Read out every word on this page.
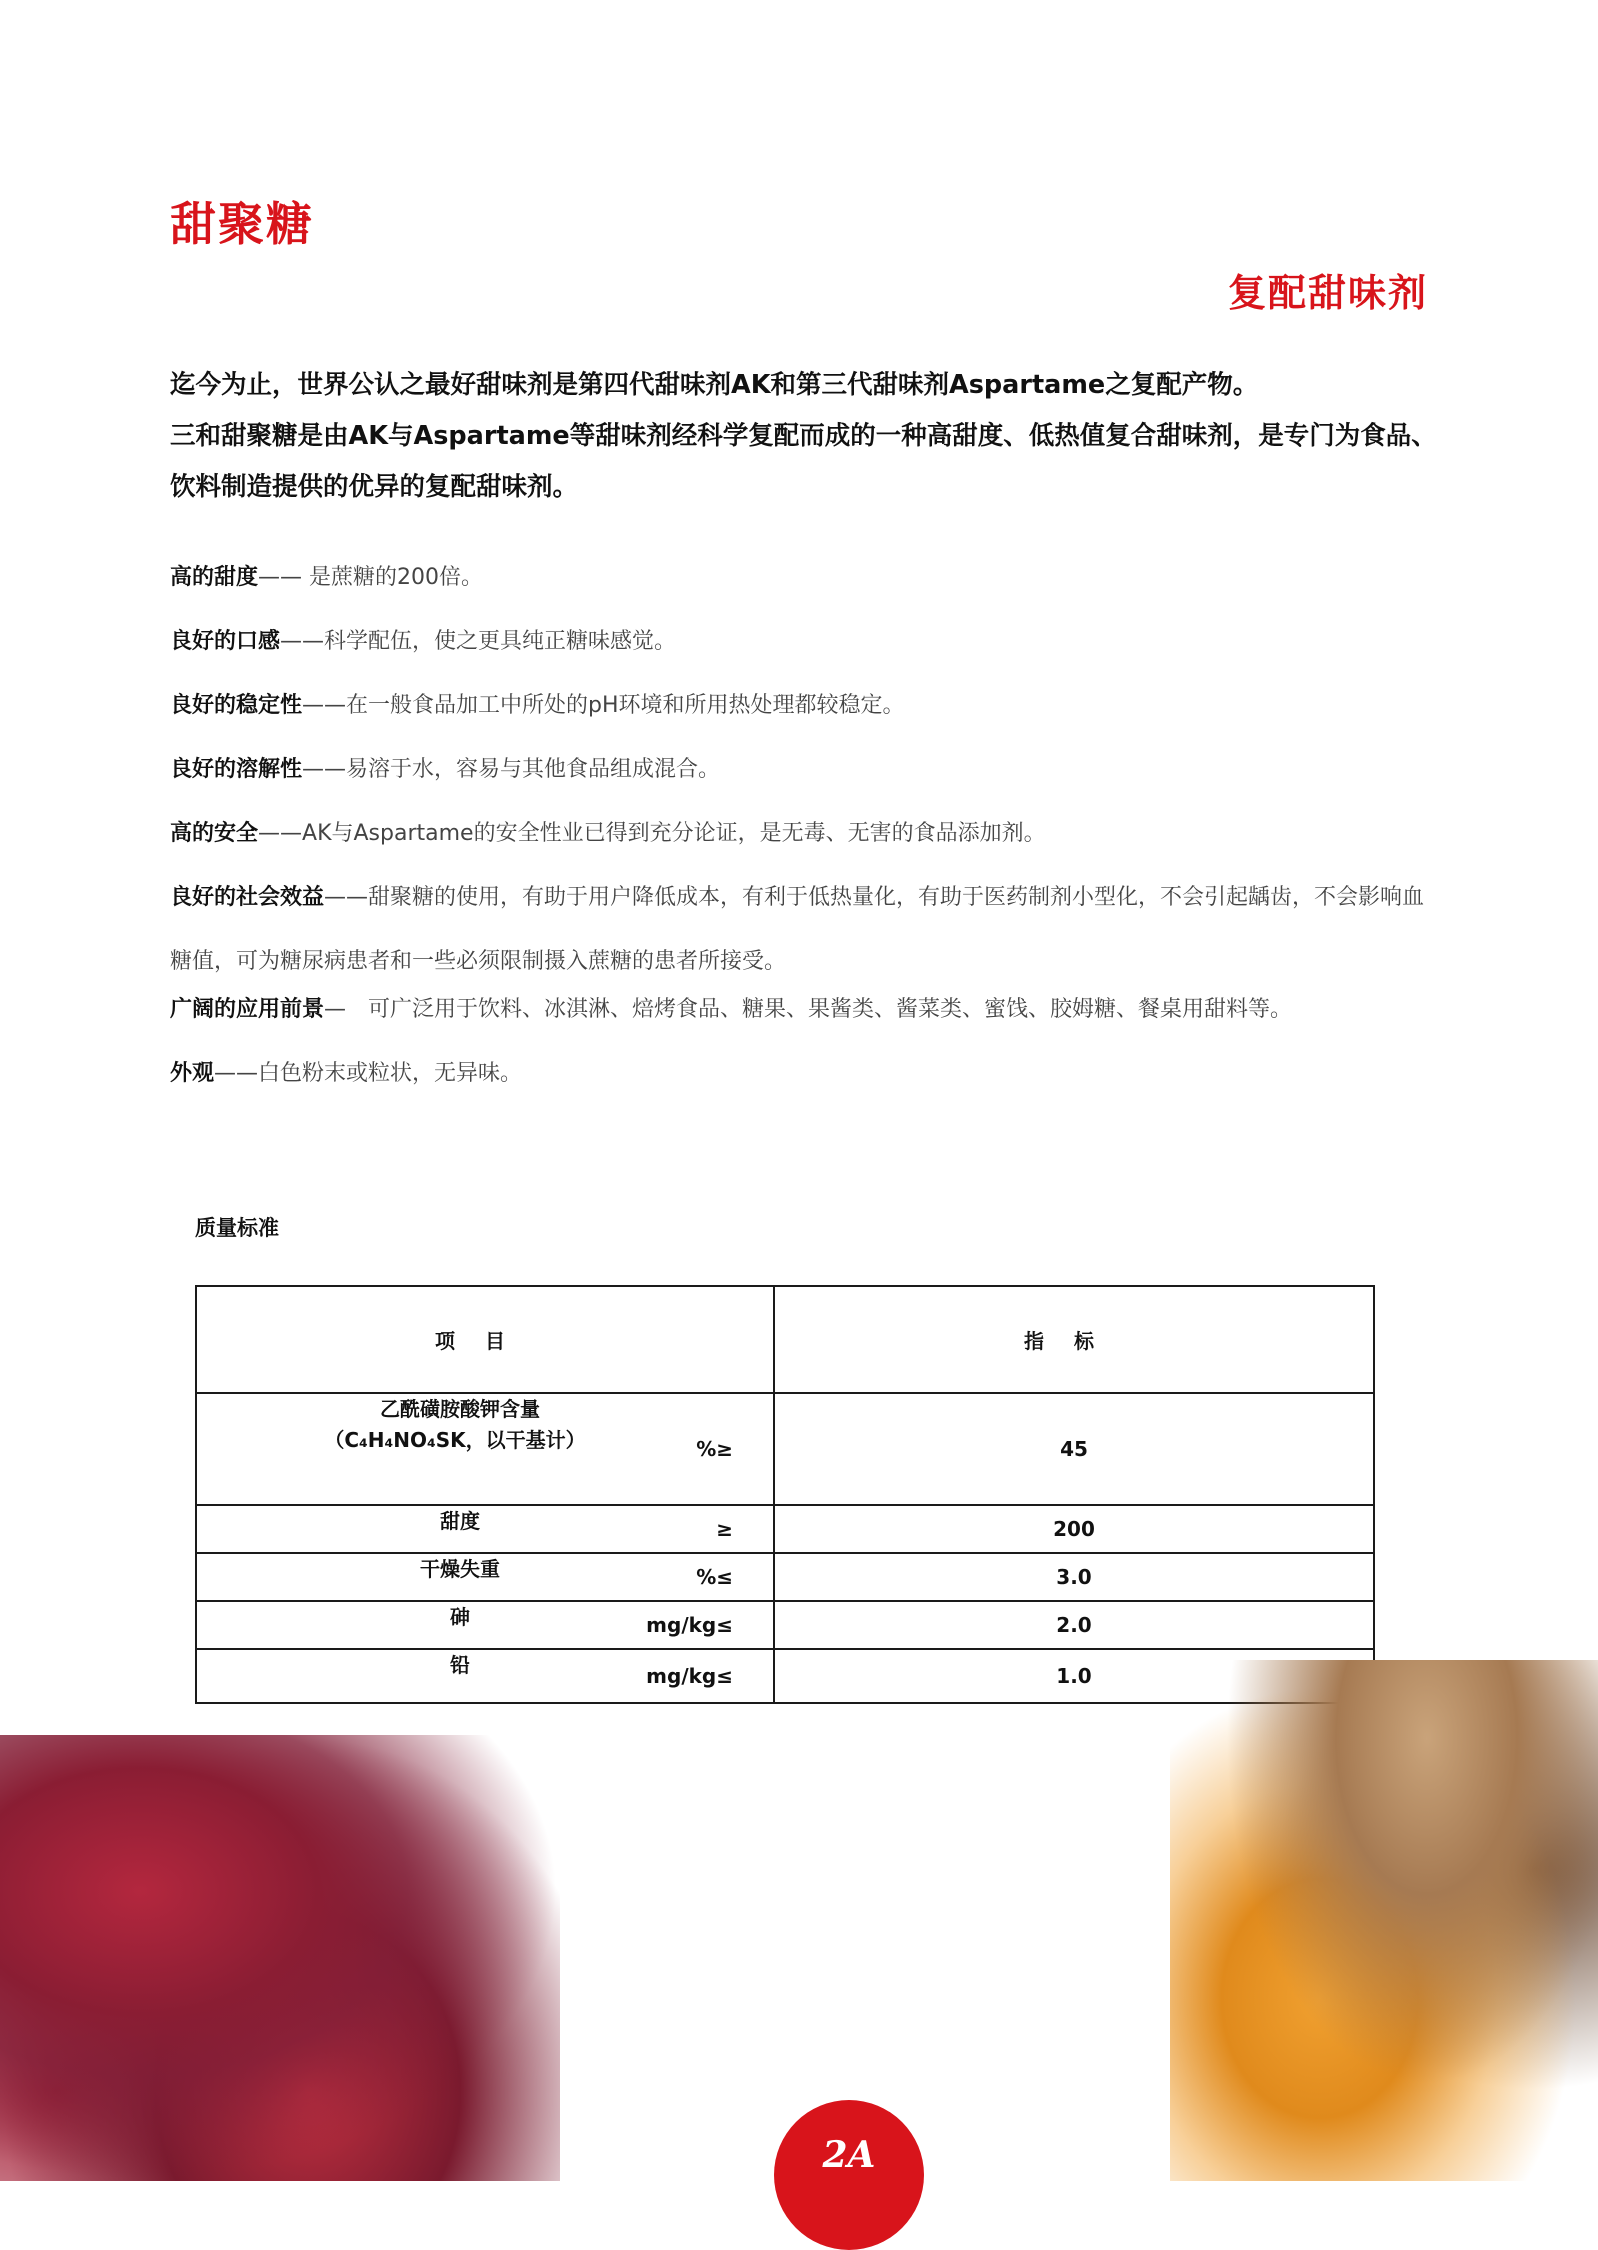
甜聚糖
复配甜味剂

迄今为止，世界公认之最好甜味剂是第四代甜味剂AK和第三代甜味剂Aspartame之复配产物。

三和甜聚糖是由AK与Aspartame等甜味剂经科学复配而成的一种高甜度、低热值复合甜味剂，是专门为食品、饮料制造提供的优异的复配甜味剂。

高的甜度—— 是蔗糖的200倍。

良好的口感——科学配伍，使之更具纯正糖味感觉。

良好的稳定性——在一般食品加工中所处的pH环境和所用热处理都较稳定。

良好的溶解性——易溶于水，容易与其他食品组成混合。

高的安全——AK与Aspartame的安全性业已得到充分论证，是无毒、无害的食品添加剂。

良好的社会效益——甜聚糖的使用，有助于用户降低成本，有利于低热量化，有助于医药制剂小型化，不会引起龋齿，不会影响血糖值，可为糖尿病患者和一些必须限制摄入蔗糖的患者所接受。

广阔的应用前景—　可广泛用于饮料、冰淇淋、焙烤食品、糖果、果酱类、酱菜类、蜜饯、胶姆糖、餐桌用甜料等。

外观——白色粉末或粒状，无异味。

质量标准
项目	指标

乙酰磺胺酸钾含量
（C₄H₄NO₄SK，以干基计） %≥	45

甜度 ≥	200

干燥失重 %≤	3.0

砷 mg/kg≤	2.0

铅 mg/kg≤	1.0
2A
